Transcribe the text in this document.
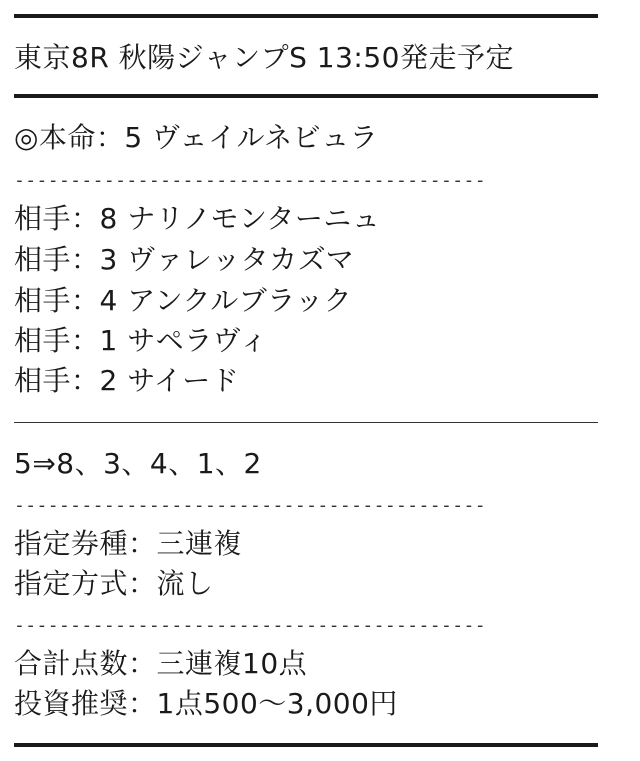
東京8R 秋陽ジャンプS 13:50発走予定
◎本命：5 ヴェイルネビュラ
------------------------------------------
相手：8 ナリノモンターニュ
相手：3 ヴァレッタカズマ
相手：4 アンクルブラック
相手：1 サペラヴィ
相手：2 サイード
5⇒8、3、4、1、2
------------------------------------------
指定券種：三連複
指定方式：流し
------------------------------------------
合計点数：三連複10点
投資推奨：1点500〜3,000円
